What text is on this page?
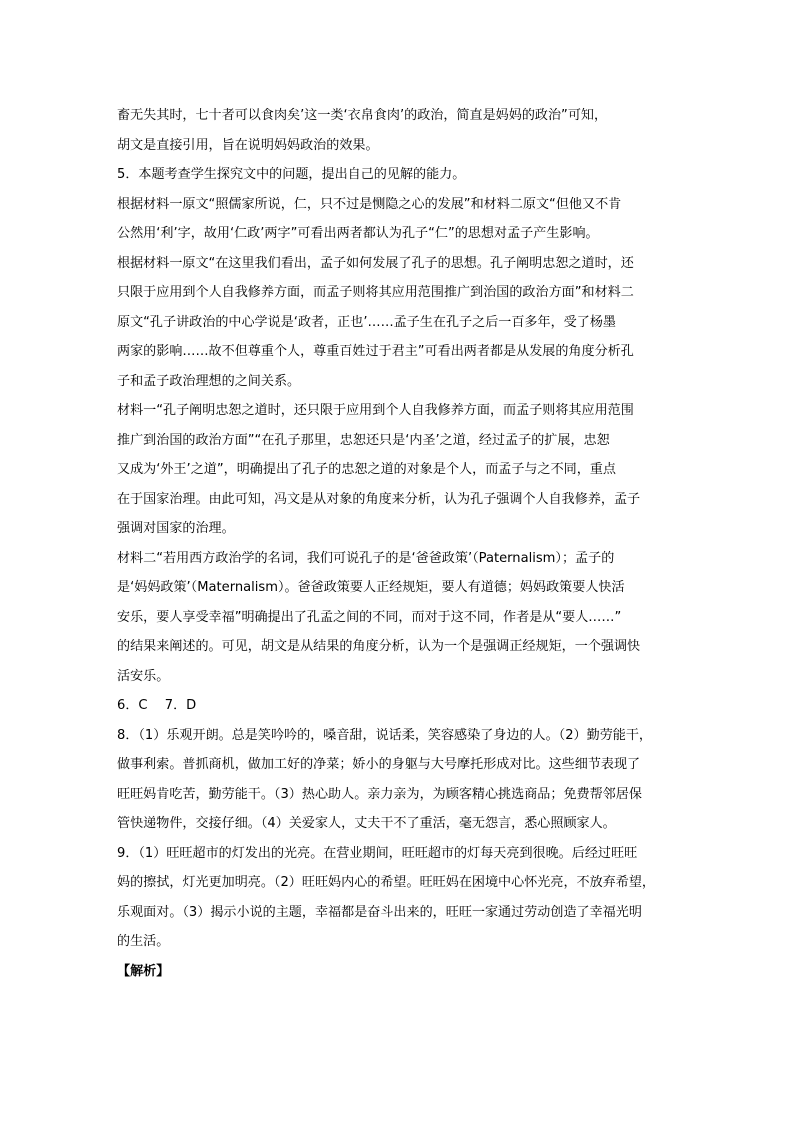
畜无失其时，七十者可以食肉矣’这一类‘衣帛食肉’的政治，简直是妈妈的政治”可知，
胡文是直接引用，旨在说明妈妈政治的效果。
5．本题考查学生探究文中的问题，提出自己的见解的能力。
根据材料一原文“照儒家所说，仁，只不过是恻隐之心的发展”和材料二原文“但他又不肯
公然用‘利’字，故用‘仁政’两字”可看出两者都认为孔子“仁”的思想对孟子产生影响。
根据材料一原文“在这里我们看出，孟子如何发展了孔子的思想。孔子阐明忠恕之道时，还
只限于应用到个人自我修养方面，而孟子则将其应用范围推广到治国的政治方面”和材料二
原文“孔子讲政治的中心学说是‘政者，正也’……孟子生在孔子之后一百多年，受了杨墨
两家的影响……故不但尊重个人，尊重百姓过于君主”可看出两者都是从发展的角度分析孔
子和孟子政治理想的之间关系。
材料一“孔子阐明忠恕之道时，还只限于应用到个人自我修养方面，而孟子则将其应用范围
推广到治国的政治方面”“在孔子那里，忠恕还只是‘内圣’之道，经过孟子的扩展，忠恕
又成为‘外王’之道”，明确提出了孔子的忠恕之道的对象是个人，而孟子与之不同，重点
在于国家治理。由此可知，冯文是从对象的角度来分析，认为孔子强调个人自我修养，孟子
强调对国家的治理。
材料二“若用西方政治学的名词，我们可说孔子的是‘爸爸政策’（Paternalism）；孟子的
是‘妈妈政策’（Maternalism）。爸爸政策要人正经规矩，要人有道德；妈妈政策要人快活
安乐，要人享受幸福”明确提出了孔孟之间的不同，而对于这不同，作者是从“要人……”
的结果来阐述的。可见，胡文是从结果的角度分析，认为一个是强调正经规矩，一个强调快
活安乐。
6．C　 7．D
8．（1）乐观开朗。总是笑吟吟的，嗓音甜，说话柔，笑容感染了身边的人。（2）勤劳能干，
做事利索。普抓商机，做加工好的净菜；娇小的身躯与大号摩托形成对比。这些细节表现了
旺旺妈肯吃苦，勤劳能干。（3）热心助人。亲力亲为，为顾客精心挑选商品；免费帮邻居保
管快递物件，交接仔细。（4）关爱家人，丈夫干不了重活，毫无怨言，悉心照顾家人。
9．（1）旺旺超市的灯发出的光亮。在营业期间，旺旺超市的灯每天亮到很晚。后经过旺旺
妈的擦拭，灯光更加明亮。（2）旺旺妈内心的希望。旺旺妈在困境中心怀光亮，不放弃希望，
乐观面对。（3）揭示小说的主题，幸福都是奋斗出来的，旺旺一家通过劳动创造了幸福光明
的生活。
【解析】
